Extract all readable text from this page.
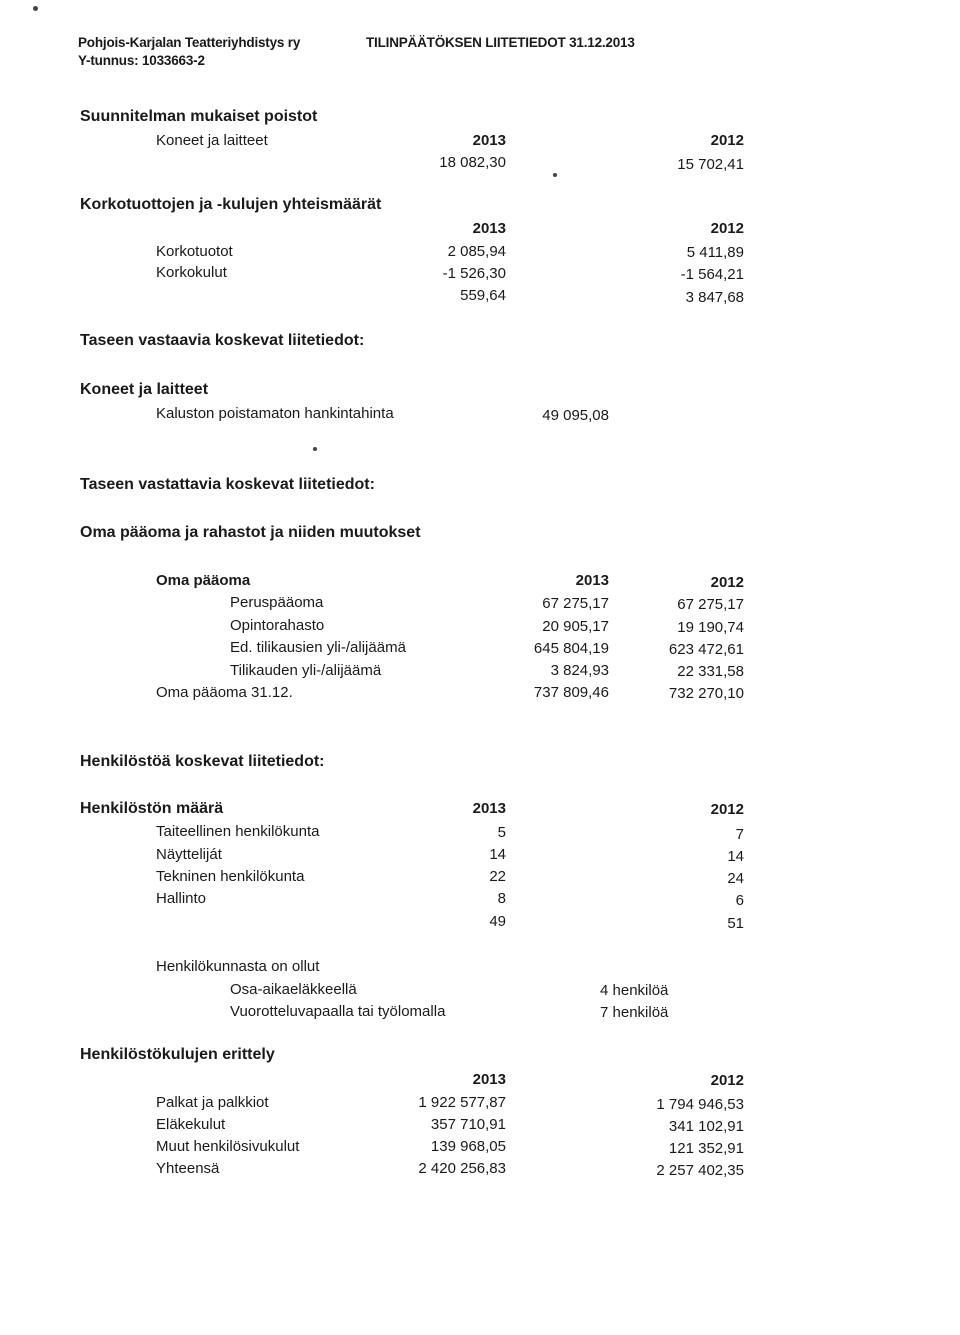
Pohjois-Karjalan Teatteriyhdistys ry	TILINPÄÄTÖKSEN LIITETIEDOT 31.12.2013
Y-tunnus: 1033663-2
Suunnitelman mukaiset poistot
Koneet ja laitteet	2013	2012
18 082,30	15 702,41
Korkotuottojen ja -kulujen yhteismäärät
2013	2012
Korkotuotot	2 085,94	5 411,89
Korkokulut	-1 526,30	-1 564,21
559,64	3 847,68
Taseen vastaavia koskevat liitetiedot:
Koneet ja laitteet
Kaluston poistamaton hankintahinta	49 095,08
Taseen vastattavia koskevat liitetiedot:
Oma pääoma ja rahastot ja niiden muutokset
Oma pääoma	2013	2012
Peruspääoma	67 275,17	67 275,17
Opintorahasto	20 905,17	19 190,74
Ed. tilikausien yli-/alijäämä	645 804,19	623 472,61
Tilikauden yli-/alijäämä	3 824,93	22 331,58
Oma pääoma 31.12.	737 809,46	732 270,10
Henkilöstöä koskevat liitetiedot:
Henkilöstön määrä	2013	2012
Taiteellinen henkilökunta	5	7
Näytteliját	14	14
Tekninen henkilökunta	22	24
Hallinto	8	6
49	51
Henkilökunnasta on ollut
Osa-aikaeläkkeellä	4 henkilöä
Vuorotteluvapaalla tai työlomalla	7 henkilöä
Henkilöstökulujen erittely
2013	2012
Palkat ja palkkiot	1 922 577,87	1 794 946,53
Eläkekulut	357 710,91	341 102,91
Muut henkilösivukulut	139 968,05	121 352,91
Yhteensä	2 420 256,83	2 257 402,35
